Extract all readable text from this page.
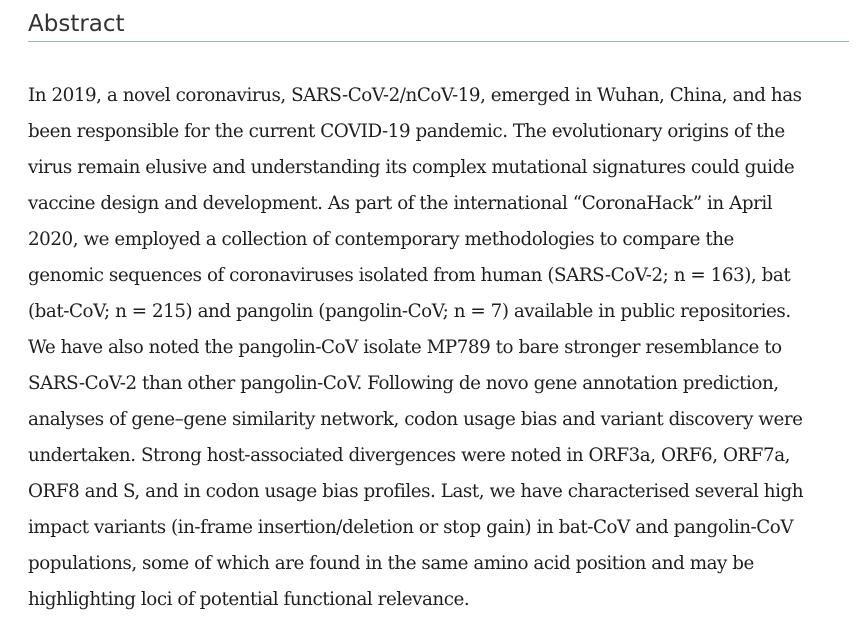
Abstract

In 2019, a novel coronavirus, SARS-CoV-2/nCoV-19, emerged in Wuhan, China, and has
been responsible for the current COVID-19 pandemic. The evolutionary origins of the
virus remain elusive and understanding its complex mutational signatures could guide
vaccine design and development. As part of the international “CoronaHack” in April
2020, we employed a collection of contemporary methodologies to compare the
genomic sequences of coronaviruses isolated from human (SARS-CoV-2; n = 163), bat
(bat-CoV; n = 215) and pangolin (pangolin-CoV; n = 7) available in public repositories.
We have also noted the pangolin-CoV isolate MP789 to bare stronger resemblance to
SARS-CoV-2 than other pangolin-CoV. Following de novo gene annotation prediction,
analyses of gene–gene similarity network, codon usage bias and variant discovery were
undertaken. Strong host-associated divergences were noted in ORF3a, ORF6, ORF7a,
ORF8 and S, and in codon usage bias profiles. Last, we have characterised several high
impact variants (in-frame insertion/deletion or stop gain) in bat-CoV and pangolin-CoV
populations, some of which are found in the same amino acid position and may be
highlighting loci of potential functional relevance.
